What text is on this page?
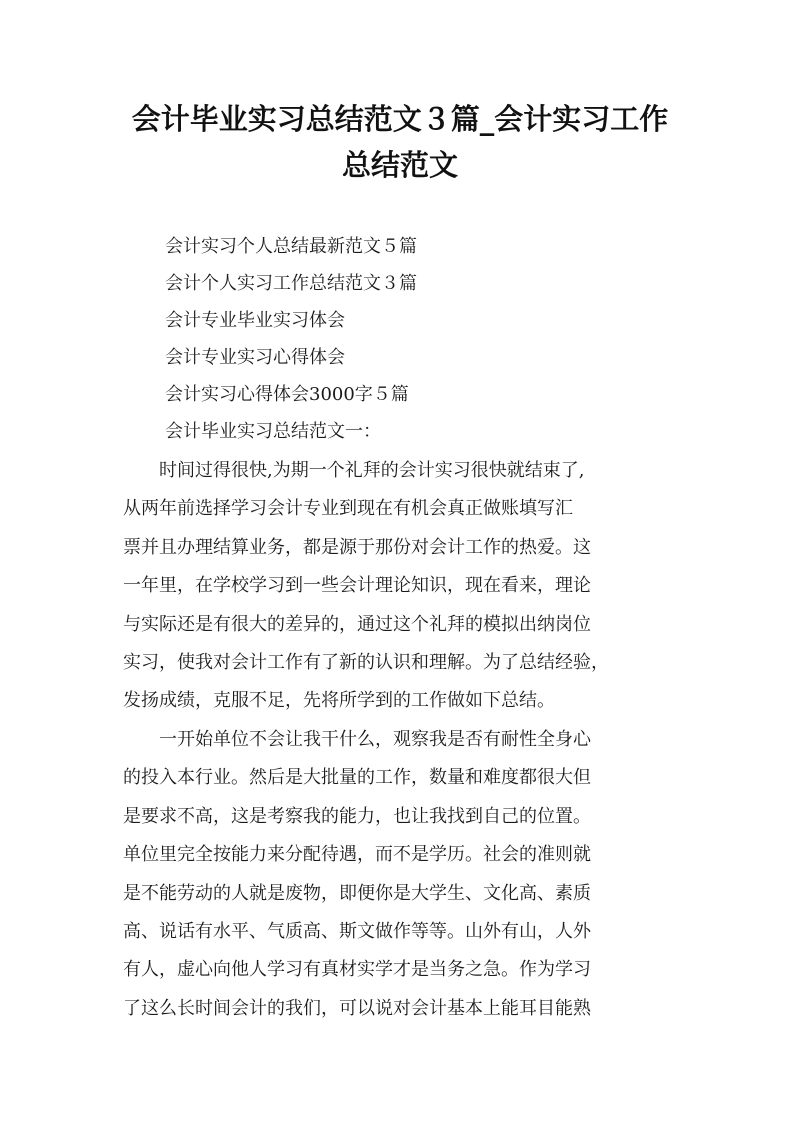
会计毕业实习总结范文３篇_会计实习工作
总结范文
会计实习个人总结最新范文５篇
会计个人实习工作总结范文３篇
会计专业毕业实习体会
会计专业实习心得体会
会计实习心得体会3000字５篇
会计毕业实习总结范文一：

　　时间过得很快,为期一个礼拜的会计实习很快就结束了,
从两年前选择学习会计专业到现在有机会真正做账填写汇
票并且办理结算业务，都是源于那份对会计工作的热爱。这
一年里，在学校学习到一些会计理论知识，现在看来，理论
与实际还是有很大的差异的，通过这个礼拜的模拟出纳岗位
实习，使我对会计工作有了新的认识和理解。为了总结经验，
发扬成绩，克服不足，先将所学到的工作做如下总结。

　　一开始单位不会让我干什么，观察我是否有耐性全身心
的投入本行业。然后是大批量的工作，数量和难度都很大但
是要求不高，这是考察我的能力，也让我找到自己的位置。
单位里完全按能力来分配待遇，而不是学历。社会的准则就
是不能劳动的人就是废物，即便你是大学生、文化高、素质
高、说话有水平、气质高、斯文做作等等。山外有山，人外
有人，虚心向他人学习有真材实学才是当务之急。作为学习
了这么长时间会计的我们，可以说对会计基本上能耳目能熟
